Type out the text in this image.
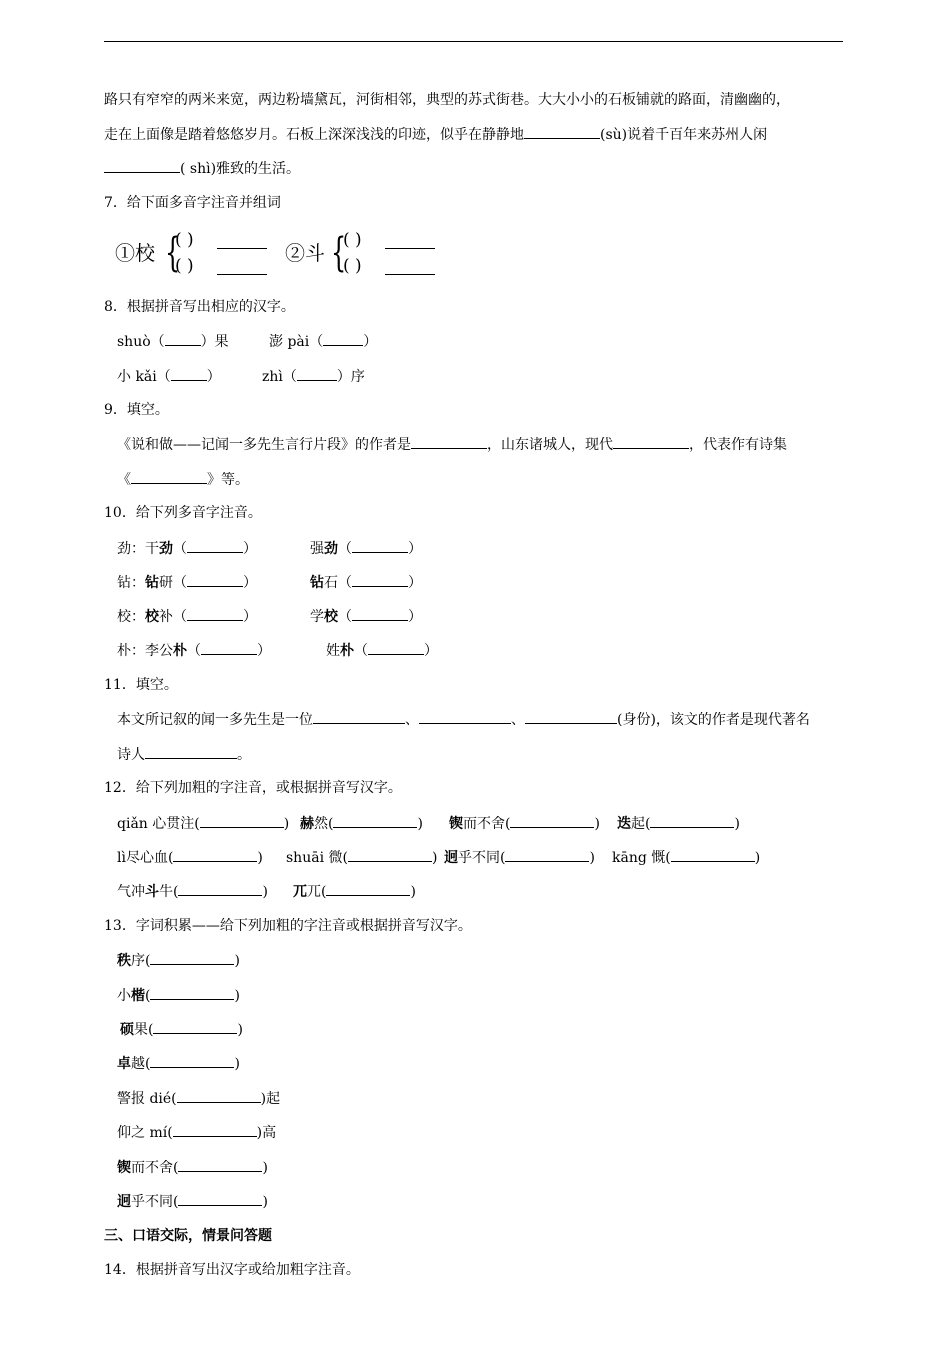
路只有窄窄的两米来宽，两边粉墙黛瓦，河街相邻，典型的苏式街巷。大大小小的石板铺就的路面，清幽幽的，
走在上面像是踏着悠悠岁月。石板上深深浅浅的印迹，似乎在静静地	(sù)说着千百年来苏州人闲
( shì)雅致的生活。
7．给下面多音字注音并组词
①校 {
( )
( )
②斗 {
( )
( )
8．根据拼音写出相应的汉字。
shuò（	）果	澎 pài（	）
小 kǎi（	）	zhì（	）序
9．填空。
《说和做——记闻一多先生言行片段》的作者是	，山东诸城人，现代	，代表作有诗集
《	》等。
10．给下列多音字注音。
劲：干劲（	）	强劲（	）
钻：钻研（	）	钻石（	）
校：校补（	）	学校（	）
朴：李公朴（	）	姓朴（	）
11．填空。
本文所记叙的闻一多先生是一位	、	、	(身份)，该文的作者是现代著名
诗人	。
12．给下列加粗的字注音，或根据拼音写汉字。
qiǎn 心贯注(	) 赫然(	) 锲而不舍(	) 迭起(	)
lì尽心血(	) shuāi 微(	) 迥乎不同(	) kāng 慨(	)
气冲斗牛(	) 兀兀(	)
13．字词积累——给下列加粗的字注音或根据拼音写汉字。
秩序(	)
小楷(	)
硕果(	)
卓越(	)
警报 dié(	)起
仰之 mí(	)高
锲而不舍(	)
迥乎不同(	)
三、口语交际，情景问答题
14．根据拼音写出汉字或给加粗字注音。
